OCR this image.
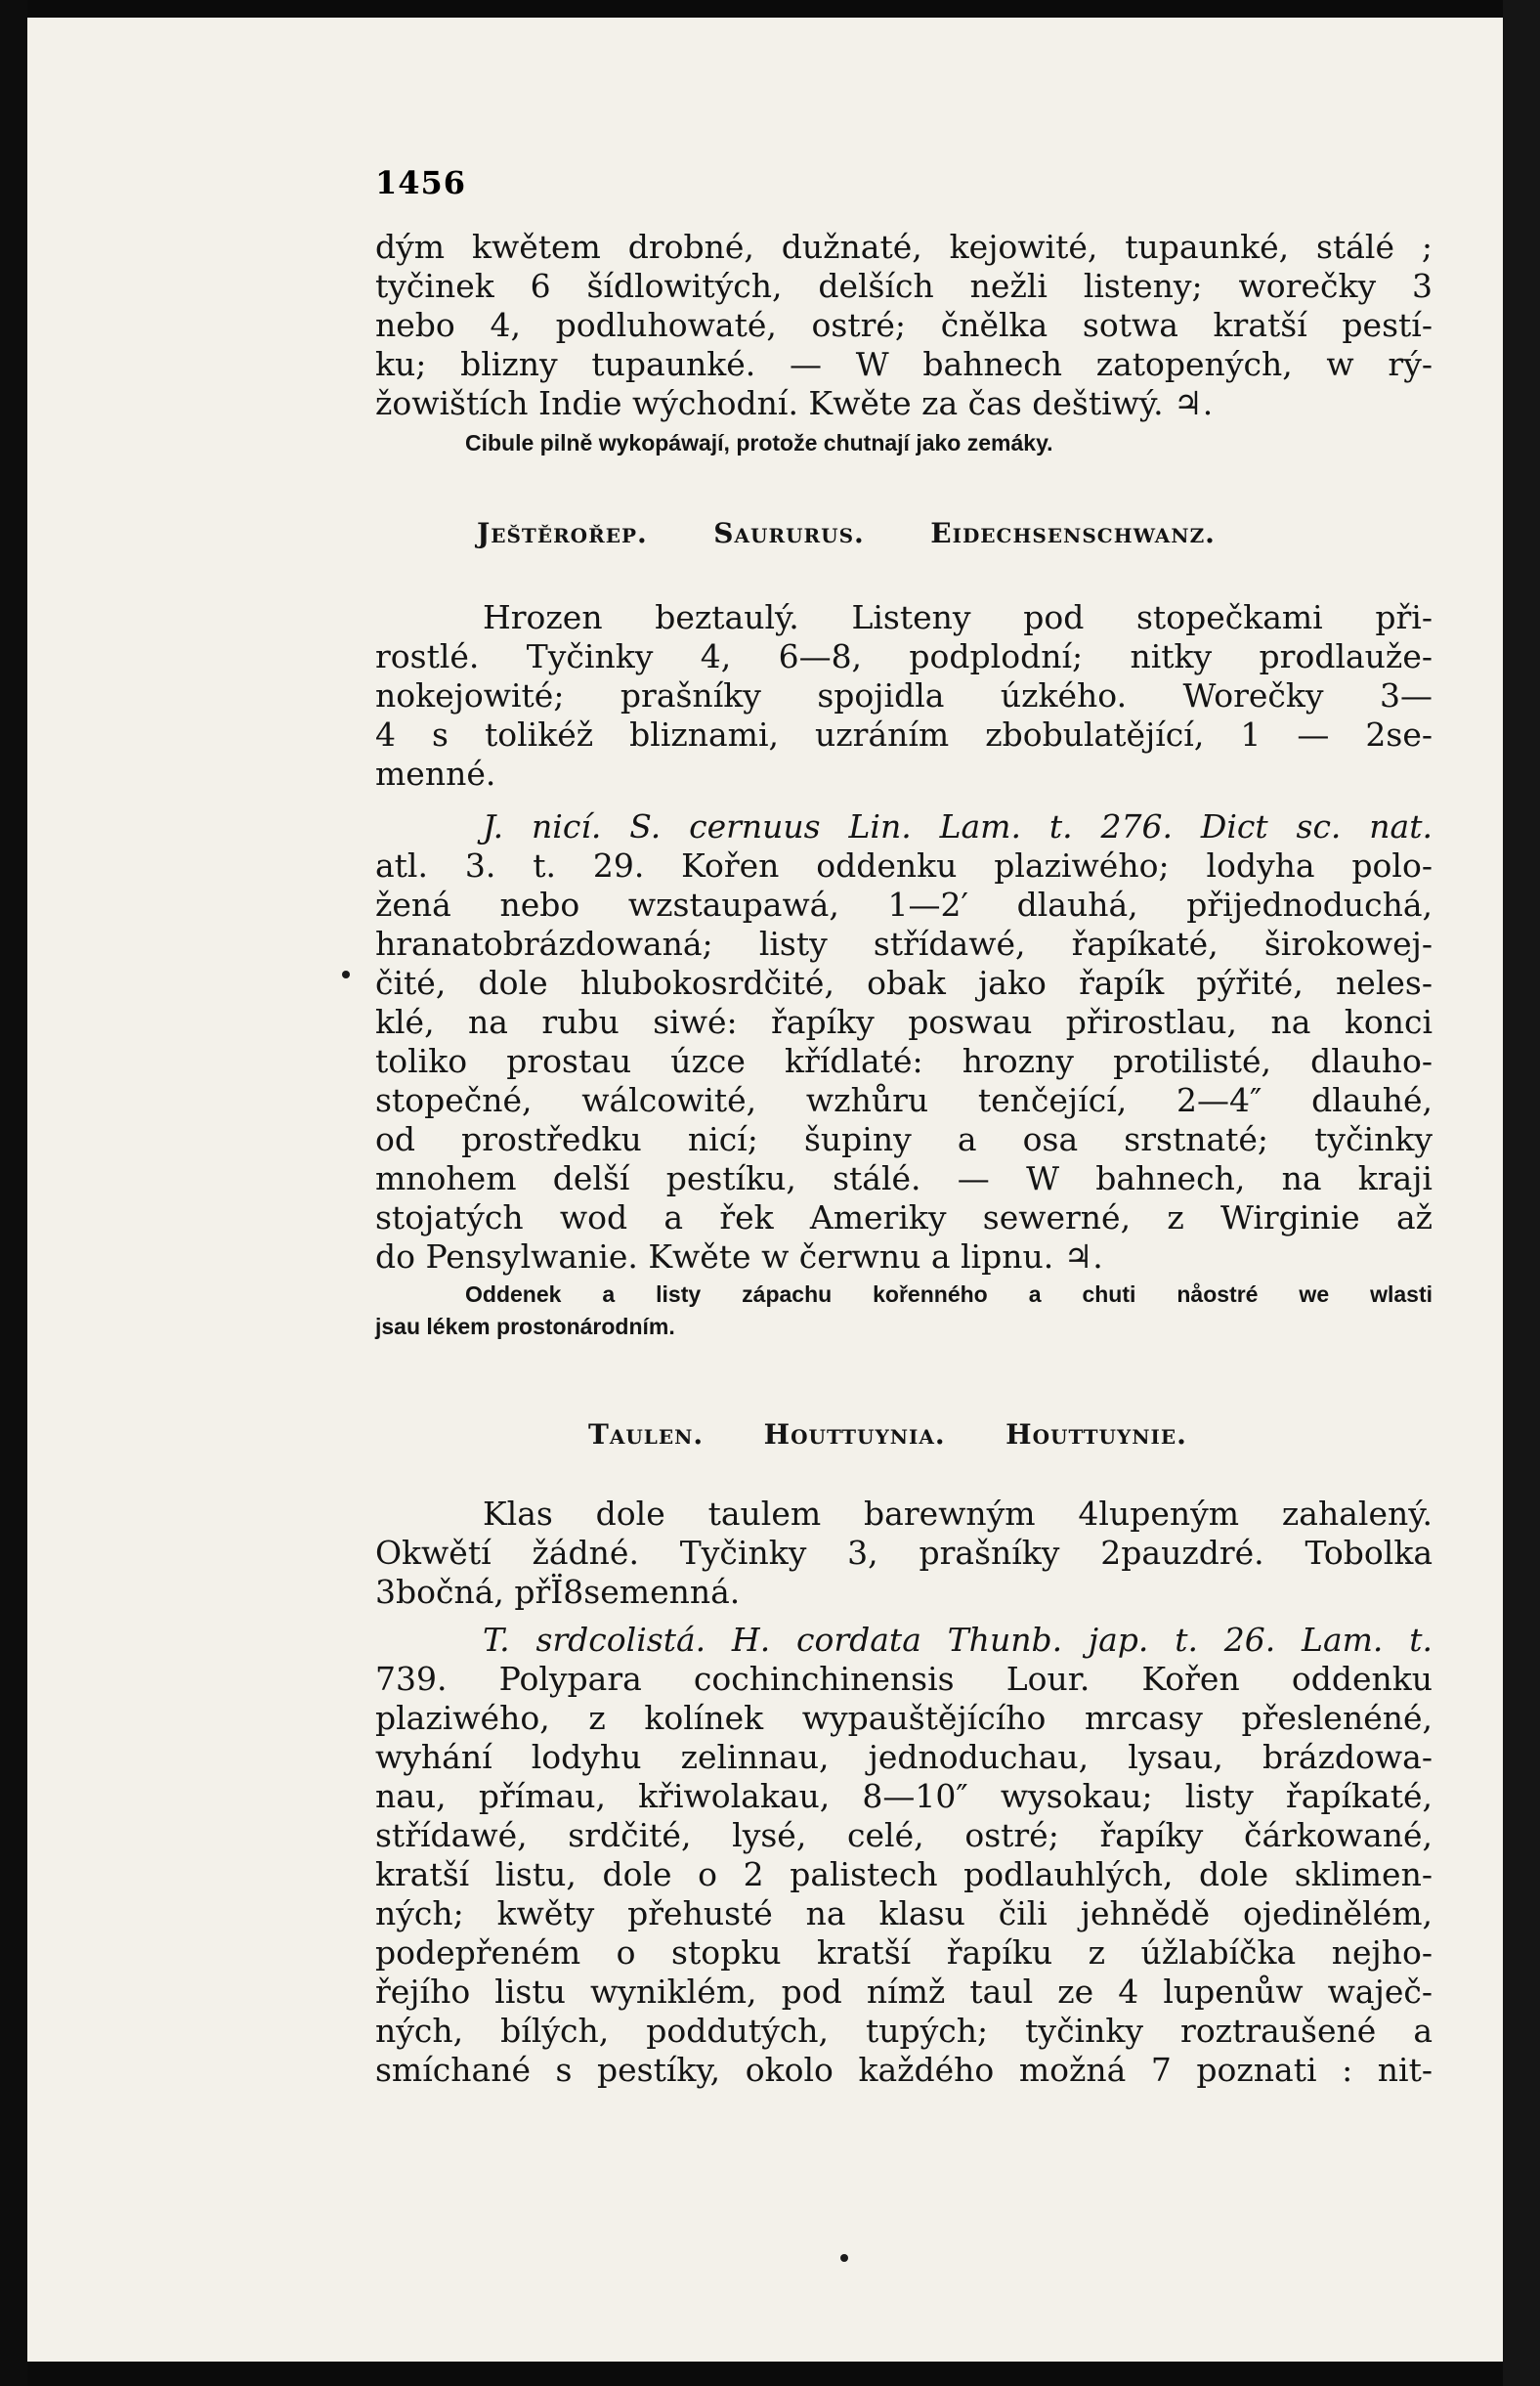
1456

dým kwětem drobné, dužnaté, kejowité, tupaunké, stálé ;
tyčinek 6 šídlowitých, delších nežli listeny; worečky 3
nebo 4, podluhowaté, ostré; čnělka sotwa kratší pestí-
ku; blizny tupaunké. — W bahnech zatopených, w rý-
žowištích Indie wýchodní. Kwěte za čas deštiwý. ♃.

Cibule pilně wykopáwají, protože chutnají jako zemáky.
Ještěrořep. Saururus. Eidechsenschwanz.

Hrozen beztaulý. Listeny pod stopečkami při-
rostlé. Tyčinky 4, 6—8, podplodní; nitky prodlauže-
nokejowité; prašníky spojidla úzkého. Worečky 3—
4 s tolikéž bliznami, uzráním zbobulatějící, 1 — 2se-
menné.

J. nicí. S. cernuus Lin. Lam. t. 276. Dict sc. nat.
atl. 3. t. 29. Kořen oddenku plaziwého; lodyha polo-
žená nebo wzstaupawá, 1—2′ dlauhá, přijednoduchá,
hranatobrázdowaná; listy střídawé, řapíkaté, širokowej-
čité, dole hlubokosrdčité, obak jako řapík pýřité, neles-
klé, na rubu siwé: řapíky poswau přirostlau, na konci
toliko prostau úzce křídlaté: hrozny protilisté, dlauho-
stopečné, wálcowité, wzhůru tenčející, 2—4″ dlauhé,
od prostředku nicí; šupiny a osa srstnaté; tyčinky
mnohem delší pestíku, stálé. — W bahnech, na kraji
stojatých wod a řek Ameriky sewerné, z Wirginie až
do Pensylwanie. Kwěte w čerwnu a lipnu. ♃.

Oddenek a listy zápachu kořenného a chuti nåostré we wlasti
jsau lékem prostonárodním.
Taulen. Houttuynia. Houttuynie.

Klas dole taulem barewným 4lupeným zahalený.
Okwětí žádné. Tyčinky 3, prašníky 2pauzdré. Tobolka
3bočná, přÏ8semenná.

T. srdcolistá. H. cordata Thunb. jap. t. 26. Lam. t.
739. Polypara cochinchinensis Lour. Kořen oddenku
plaziwého, z kolínek wypauštějícího mrcasy přeslenéné,
wyhání lodyhu zelinnau, jednoduchau, lysau, brázdowa-
nau, přímau, křiwolakau, 8—10″ wysokau; listy řapíkaté,
střídawé, srdčité, lysé, celé, ostré; řapíky čárkowané,
kratší listu, dole o 2 palistech podlauhlých, dole sklimen-
ných; kwěty přehusté na klasu čili jehnědě ojedinělém,
podepřeném o stopku kratší řapíku z úžlabíčka nejho-
řejího listu wyniklém, pod nímž taul ze 4 lupenůw waječ-
ných, bílých, poddutých, tupých; tyčinky roztraušené a
smíchané s pestíky, okolo každého možná 7 poznati : nit-
